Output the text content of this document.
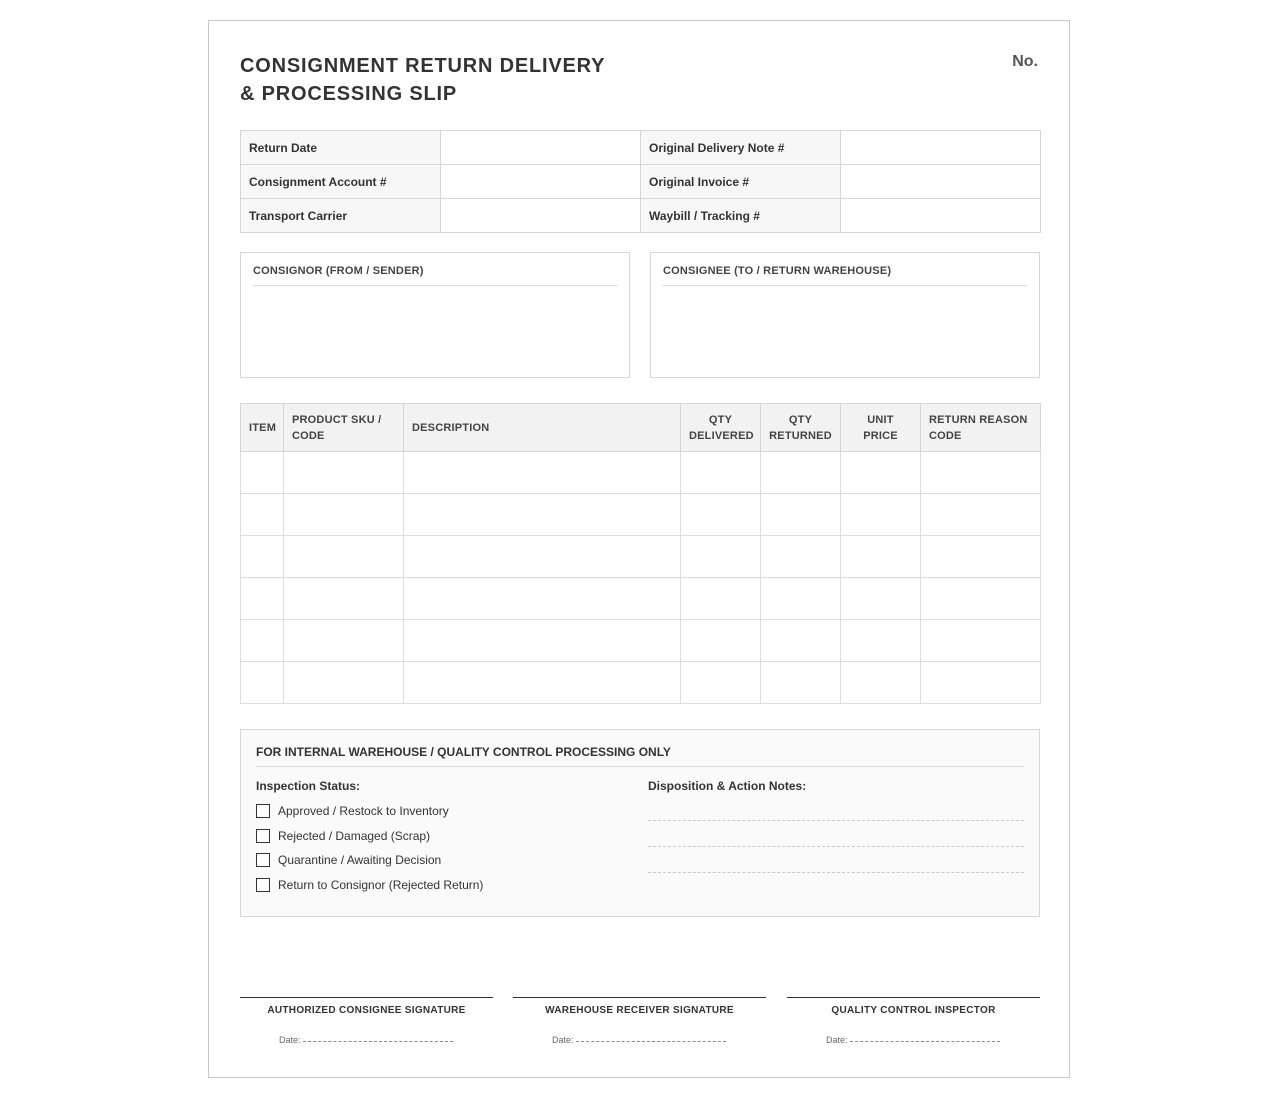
CONSIGNMENT RETURN DELIVERY
& PROCESSING SLIP
No.
Return Date		Original Delivery Note #	
Consignment Account #		Original Invoice #	
Transport Carrier		Waybill / Tracking #	
CONSIGNOR (FROM / SENDER)	CONSIGNEE (TO / RETURN WAREHOUSE)
ITEM	PRODUCT SKU / CODE	DESCRIPTION	QTY DELIVERED	QTY RETURNED	UNIT PRICE	RETURN REASON CODE

FOR INTERNAL WAREHOUSE / QUALITY CONTROL PROCESSING ONLY
Inspection Status:
Approved / Restock to Inventory
Rejected / Damaged (Scrap)
Quarantine / Awaiting Decision
Return to Consignor (Rejected Return)
Disposition & Action Notes:
AUTHORIZED CONSIGNEE SIGNATURE
Date:
WAREHOUSE RECEIVER SIGNATURE
Date:
QUALITY CONTROL INSPECTOR
Date:
